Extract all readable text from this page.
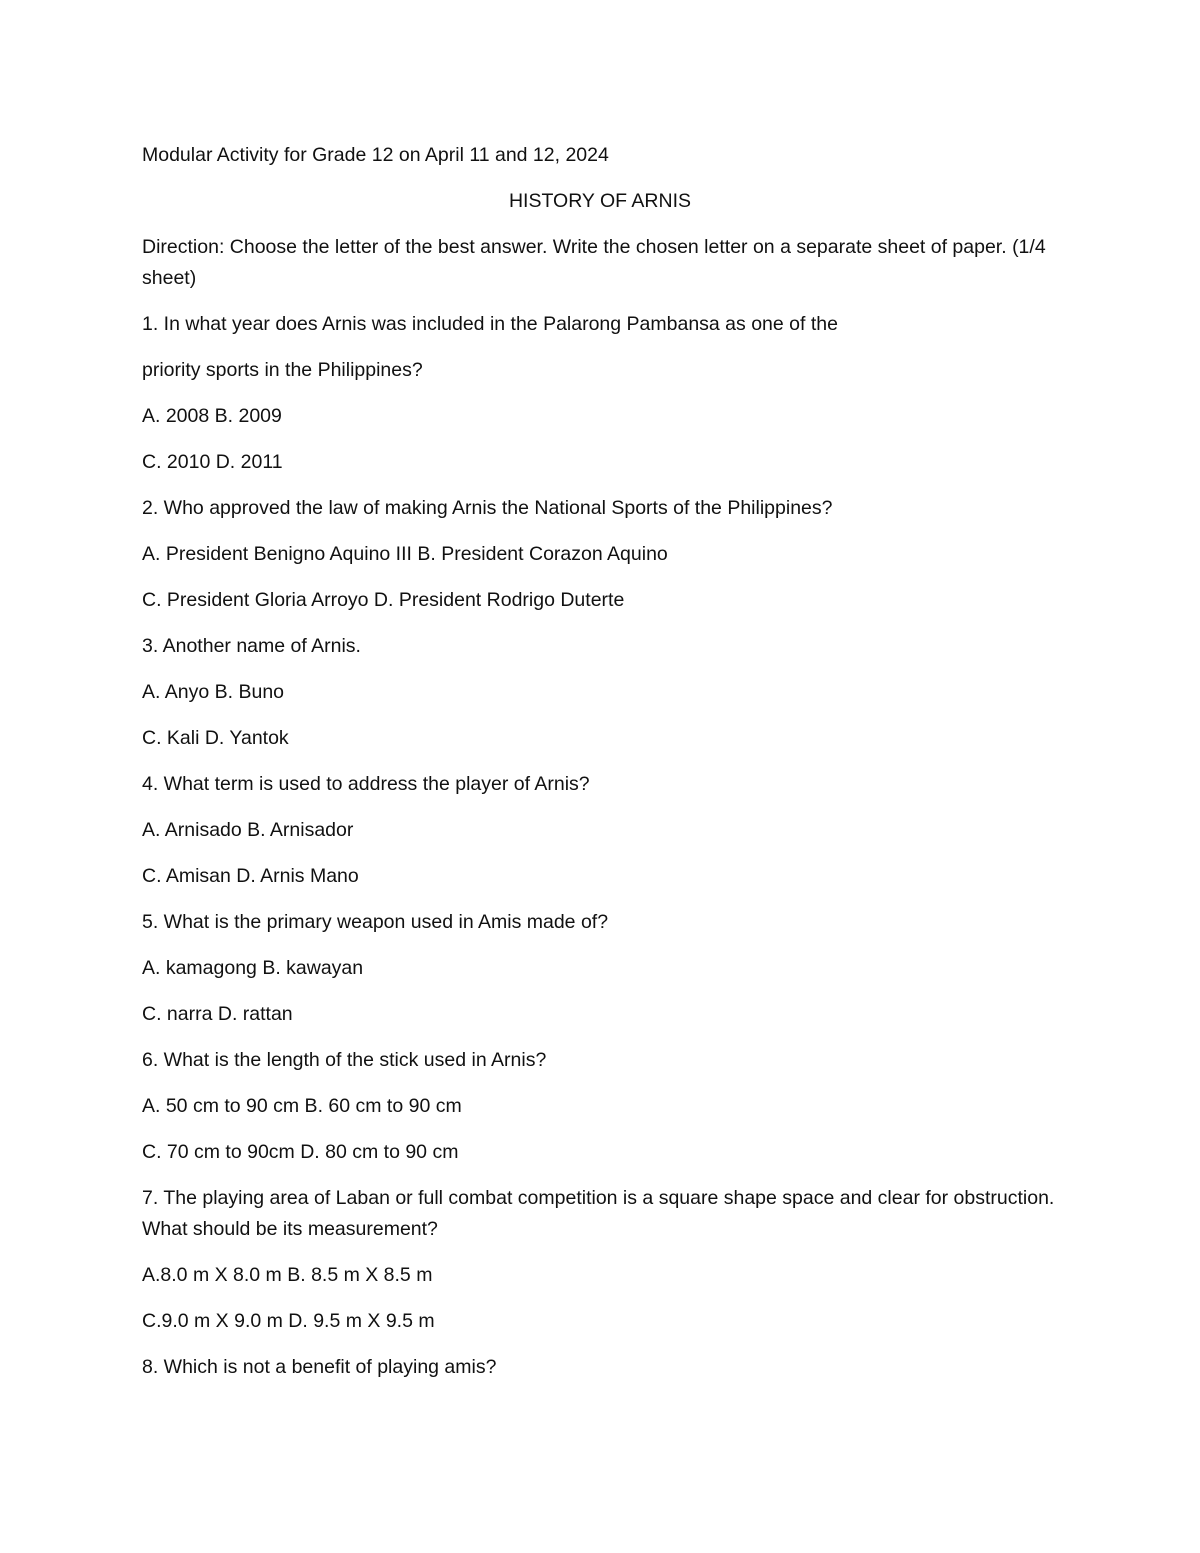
Modular Activity for Grade 12 on April 11 and 12, 2024

HISTORY OF ARNIS

Direction: Choose the letter of the best answer. Write the chosen letter on a separate sheet of paper. (1/4 sheet)

1. In what year does Arnis was included in the Palarong Pambansa as one of the

priority sports in the Philippines?

A. 2008 B. 2009

C. 2010 D. 2011

2. Who approved the law of making Arnis the National Sports of the Philippines?

A. President Benigno Aquino III B. President Corazon Aquino

C. President Gloria Arroyo D. President Rodrigo Duterte

3. Another name of Arnis.

A. Anyo B. Buno

C. Kali D. Yantok

4. What term is used to address the player of Arnis?

A. Arnisado B. Arnisador

C. Amisan D. Arnis Mano

5. What is the primary weapon used in Amis made of?

A. kamagong B. kawayan

C. narra D. rattan

6. What is the length of the stick used in Arnis?

A. 50 cm to 90 cm B. 60 cm to 90 cm

C. 70 cm to 90cm D. 80 cm to 90 cm

7. The playing area of Laban or full combat competition is a square shape space and clear for obstruction. What should be its measurement?

A.8.0 m X 8.0 m B. 8.5 m X 8.5 m

C.9.0 m X 9.0 m D. 9.5 m X 9.5 m

8. Which is not a benefit of playing amis?
